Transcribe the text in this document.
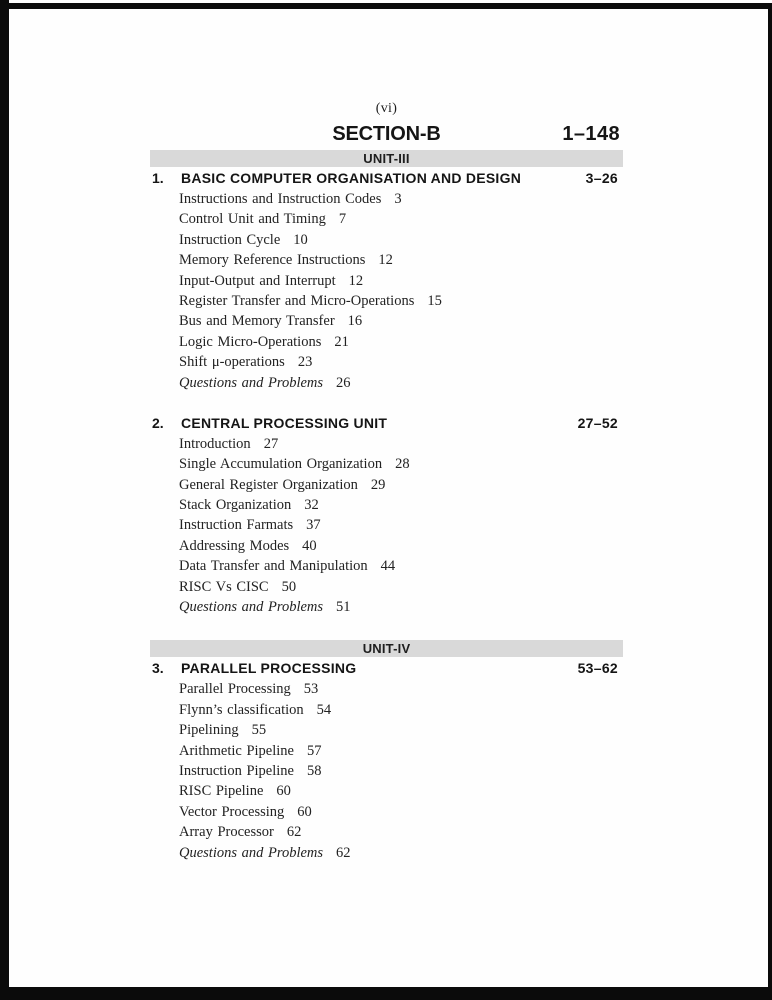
(vi)
SECTION-B	1–148
UNIT-III
1.	BASIC COMPUTER ORGANISATION AND DESIGN	3–26
Instructions and Instruction Codes 3
Control Unit and Timing 7
Instruction Cycle 10
Memory Reference Instructions 12
Input-Output and Interrupt 12
Register Transfer and Micro-Operations 15
Bus and Memory Transfer 16
Logic Micro-Operations 21
Shift μ-operations 23
Questions and Problems 26
2.	CENTRAL PROCESSING UNIT	27–52
Introduction 27
Single Accumulation Organization 28
General Register Organization 29
Stack Organization 32
Instruction Farmats 37
Addressing Modes 40
Data Transfer and Manipulation 44
RISC Vs CISC 50
Questions and Problems 51
UNIT-IV
3.	PARALLEL PROCESSING	53–62
Parallel Processing 53
Flynn’s classification 54
Pipelining 55
Arithmetic Pipeline 57
Instruction Pipeline 58
RISC Pipeline 60
Vector Processing 60
Array Processor 62
Questions and Problems 62
